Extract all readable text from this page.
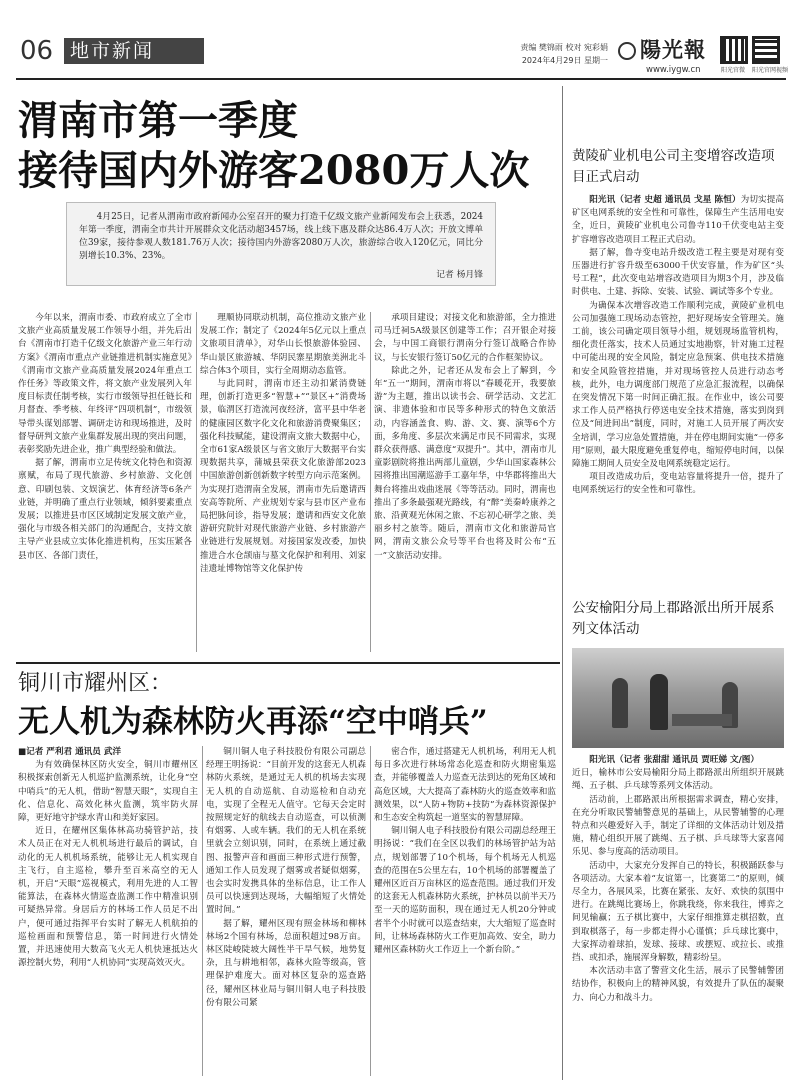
06 地市新闻	责编 樊锦雨 校对 宛彩娟
2024年4月29日 星期一 陽光報
www.iygw.cn	阳光官微	阳光官网视频
渭南市第一季度
接待国内外游客2080万人次
4月25日，记者从渭南市政府新闻办公室召开的聚力打造千亿级文旅产业新闻发布会上获悉，2024年第一季度，渭南全市共计开展群众文化活动超3457场，线上线下惠及群众达86.4万人次；开放文博单位39家，接待参观人数181.76万人次；接待国内外游客2080万人次，旅游综合收入120亿元，同比分别增长10.3%、23%。
记者 杨月锋

今年以来，渭南市委、市政府成立了全市文旅产业高质量发展工作领导小组，并先后出台《渭南市打造千亿级文化旅游产业三年行动方案》《渭南市重点产业链推进机制实施意见》《渭南市文旅产业高质量发展2024年重点工作任务》等政策文件，将文旅产业发展列入年度目标责任制考核，实行市级领导担任链长和月督查、季考核、年终评“四项机制”，市级领导带头谋划部署、调研走访和现场推进，及时督导研判文旅产业集群发展出现的突出问题，表彰奖励先进企业，推广典型经验和做法。

据了解，渭南市立足传统文化特色和资源禀赋，布局了现代旅游、乡村旅游、文化创意、印刷包装、文娱演艺、体育经济等6条产业链，并明确了重点行业领域，倾斜要素重点发展；以推进县市区区域制定发展文旅产业，强化与市级各相关部门的沟通配合，支持文旅主导产业县成立实体化推进机构，压实压紧各县市区、各部门责任，

理顺协同联动机制，高位推动文旅产业发展工作；制定了《2024年5亿元以上重点文旅项目清单》，对华山长恨旅游体验园、华山景区旅游城、华阴民寨星期旅美洲北斗综合体3个项目，实行全周期动态监管。

与此同时，渭南市还主动扣紧消费链理，创新打造更多“智慧+”“景区+”消费场景，临渭区打造流河夜经济，富平县中华老的健康园区数字化文化和旅游消费聚集区；强化科技赋能，建设渭南文旅大数据中心，全市61家A级景区与省文旅厅大数据平台实现数据共享，蒲城县荣获文化旅游部2023中国旅游创新创新数字转型方向示范案例。为实现打造渭南全发展，渭南市先后邀请西安高等院所、产业规划专家与县市区产业布局把脉问诊，指导发展；邀请和西安文化旅游研究院针对现代旅游产业链、乡村旅游产业链进行发展规划。对接国家发改委，加快推进合水仓颉庙与墓文化保护和利用、刘家洼遗址博物馆等文化保护传

承项目建设；对接文化和旅游部，全力推进司马迁祠5A级景区创建等工作；召开银企对接会，与中国工商银行渭南分行签订战略合作协议，与长安银行签订50亿元的合作框架协议。

除此之外，记者还从发布会上了解到，今年“五一”期间，渭南市将以“春暖花开，我要旅游”为主题，推出以读书会、研学活动、文艺汇演、非遗体验和市民等多种形式的特色文旅活动，内容涵盖食、购、游、文、赛、演等6个方面，多角度、多层次来满足市民不同需求，实现群众获得感、满意度“双提升”。其中，渭南市儿童影剧院将推出两部儿童剧，少华山国家森林公园将推出国潮巡游手工嘉年华，中华郡将推出大舞台将推出戏曲迷展《等等活动。同时，渭南也推出了多条最强观光路线，有“醉”美秦岭康养之旅、沿黄观光休闲之旅、不忘初心研学之旅、美丽乡村之旅等。随后，渭南市文化和旅游局官网，渭南文旅公众号等平台也将及时公布“五一”文旅活动安排。

铜川市耀州区：
无人机为森林防火再添“空中哨兵”
■记者 严利君 通讯员 武洋

为有效确保林区防火安全，铜川市耀州区积极探索创新无人机巡护监测系统，让化身“空中哨兵”的无人机，借助“智慧天眼”，实现自主化、信息化、高效化林火监测，筑牢防火屏障，更好地守护绿水青山和美好家园。

近日，在耀州区集体林高功骑管护站，技术人员正在对无人机机场进行最后的调试，自动化的无人机机场系统，能够让无人机实现自主飞行，自主巡检，攀升至百米高空的无人机，开启“天眼”巡视模式，利用先进的人工智能算法，在森林火情巡查监测工作中精准识别可疑热异常。身居后方的林场工作人员足不出户，便可通过指挥平台实时了解无人机航拍的巡检画面和预警信息，第一时间进行火情处置，并迅速使用大数高飞火无人机快速抵达火源控制火势，利用“人机协同”实现高效灭火。

铜川铜人电子科技股份有限公司副总经理王明扬说：“目前开发的这套无人机森林防火系统，是通过无人机的机场去实现无人机的自动巡航、自动巡检和自动充电，实现了全程无人值守。它每天会定时按照规定好的航线去自动巡查，可以侦测有烟雾、人或车辆。我们的无人机在系统里就会立刻识别，同时，在系统上通过截图、报警声音和画面三种形式进行预警，通知工作人员发现了烟雾或者疑似烟雾，也会实时发携具体的坐标信息，让工作人员可以快速到达现场，大幅缩短了火情处置时间。”

据了解，耀州区现有照金林场和柳林林场2个国有林场，总面积超过98万亩。林区陡峻陡坡大阔性半干旱气候，地势复杂，且与耕地相邻，森林火险等级高，管理保护难度大。面对林区复杂的巡查路径，耀州区林业局与铜川铜人电子科技股份有限公司紧

密合作，通过搭建无人机机场，利用无人机每日多次进行林场常态化巡查和防火期密集巡查，并能够覆盖人力巡查无法到达的死角区域和高危区域，大大提高了森林防火的巡查效率和监测效果，以“人防+物防+技防”为森林资源保护和生态安全构筑起一道坚实的智慧屏障。

铜川铜人电子科技股份有限公司副总经理王明扬说：“我们在全区以我们的林场管护站为站点，规划部署了10个机场，每个机场无人机巡查的范围在5公里左右，10个机场的部署覆盖了耀州区近百万亩林区的巡查范围。通过我们开发的这套无人机森林防火系统，护林员以前半天乃至一天的巡防面积，现在通过无人机20分钟或者半个小时就可以巡查结束，大大缩短了巡查时间，让林场森林防火工作更加高效、安全，助力耀州区森林防火工作迈上一个新台阶。”

黄陵矿业机电公司主变增容改造项目正式启动

阳光讯（记者 史超 通讯员 戈星 陈恒）为切实提高矿区电网系统的安全性和可靠性，保障生产生活用电安全，近日，黄陵矿业机电公司鲁寺110千伏变电站主变扩容增容改造项目工程正式启动。

据了解，鲁寺变电站升级改造工程主要是对现有变压器进行扩容升级至63000千伏安容量，作为矿区“头号工程”，此次变电站增容改造项目为期3个月，涉及临时供电、土建、拆除、安装、试验、调试等多个专业。

为确保本次增容改造工作顺利完成，黄陵矿业机电公司加强施工现场动态管控，把好现场安全管理关。施工前，该公司确定项目领导小组，规划现场监管机构，细化责任落实，技术人员通过实地勘察，针对施工过程中可能出现的安全风险，制定应急预案、供电技术措施和安全风险管控措施，并对现场管控人员进行动态考核，此外，电力调度部门规范了应急汇报流程，以确保在突发情况下第一时间正确汇报。在作业中，该公司要求工作人员严格执行停送电安全技术措施，落实到岗到位及“间进间出”制度，同时，对施工人员开展了两次安全培训，学习应急处置措施，并在停电期间实施“一停多用”原则，最大限度避免重复停电，缩短停电时间，以保障施工期间人员安全及电网系统稳定运行。

项目改造成功后，变电站容量将提升一倍，提升了电网系统运行的安全性和可靠性。

公安榆阳分局上郡路派出所开展系列文体活动

阳光讯（记者 张甜甜 通讯员 贾旺娣 文/图）

近日，榆林市公安局榆阳分局上郡路派出所组织开展跳绳、五子棋、乒乓球等系列文体活动。

活动前，上郡路派出所根据需求调查，精心安排，在充分听取民警辅警意见的基础上，从民警辅警的心理特点和兴趣爱好入手，制定了详细的文体活动计划及措施，精心组织开展了跳绳、五子棋、乒乓球等大家喜闻乐见、参与度高的活动项目。

活动中，大家充分发挥自己的特长，积极踊跃参与各项活动。大家本着“友谊第一，比赛第二”的原则，倾尽全力，各展风采，比赛在紧张、友好、欢快的氛围中进行。在跳绳比赛场上，你跳我绕，你来我往，博弈之间见输赢；五子棋比赛中，大家仔细推算走棋招数，直到取棋落子，每一步都走得小心谨慎；乒乓球比赛中，大家挥动着球拍，发球、接球、或摆短、或拉长、或推挡、或扣杀，施展浑身解数，精彩纷呈。

本次活动丰富了警营文化生活，展示了民警辅警团结协作，积极向上的精神风貌，有效提升了队伍的凝聚力、向心力和战斗力。
